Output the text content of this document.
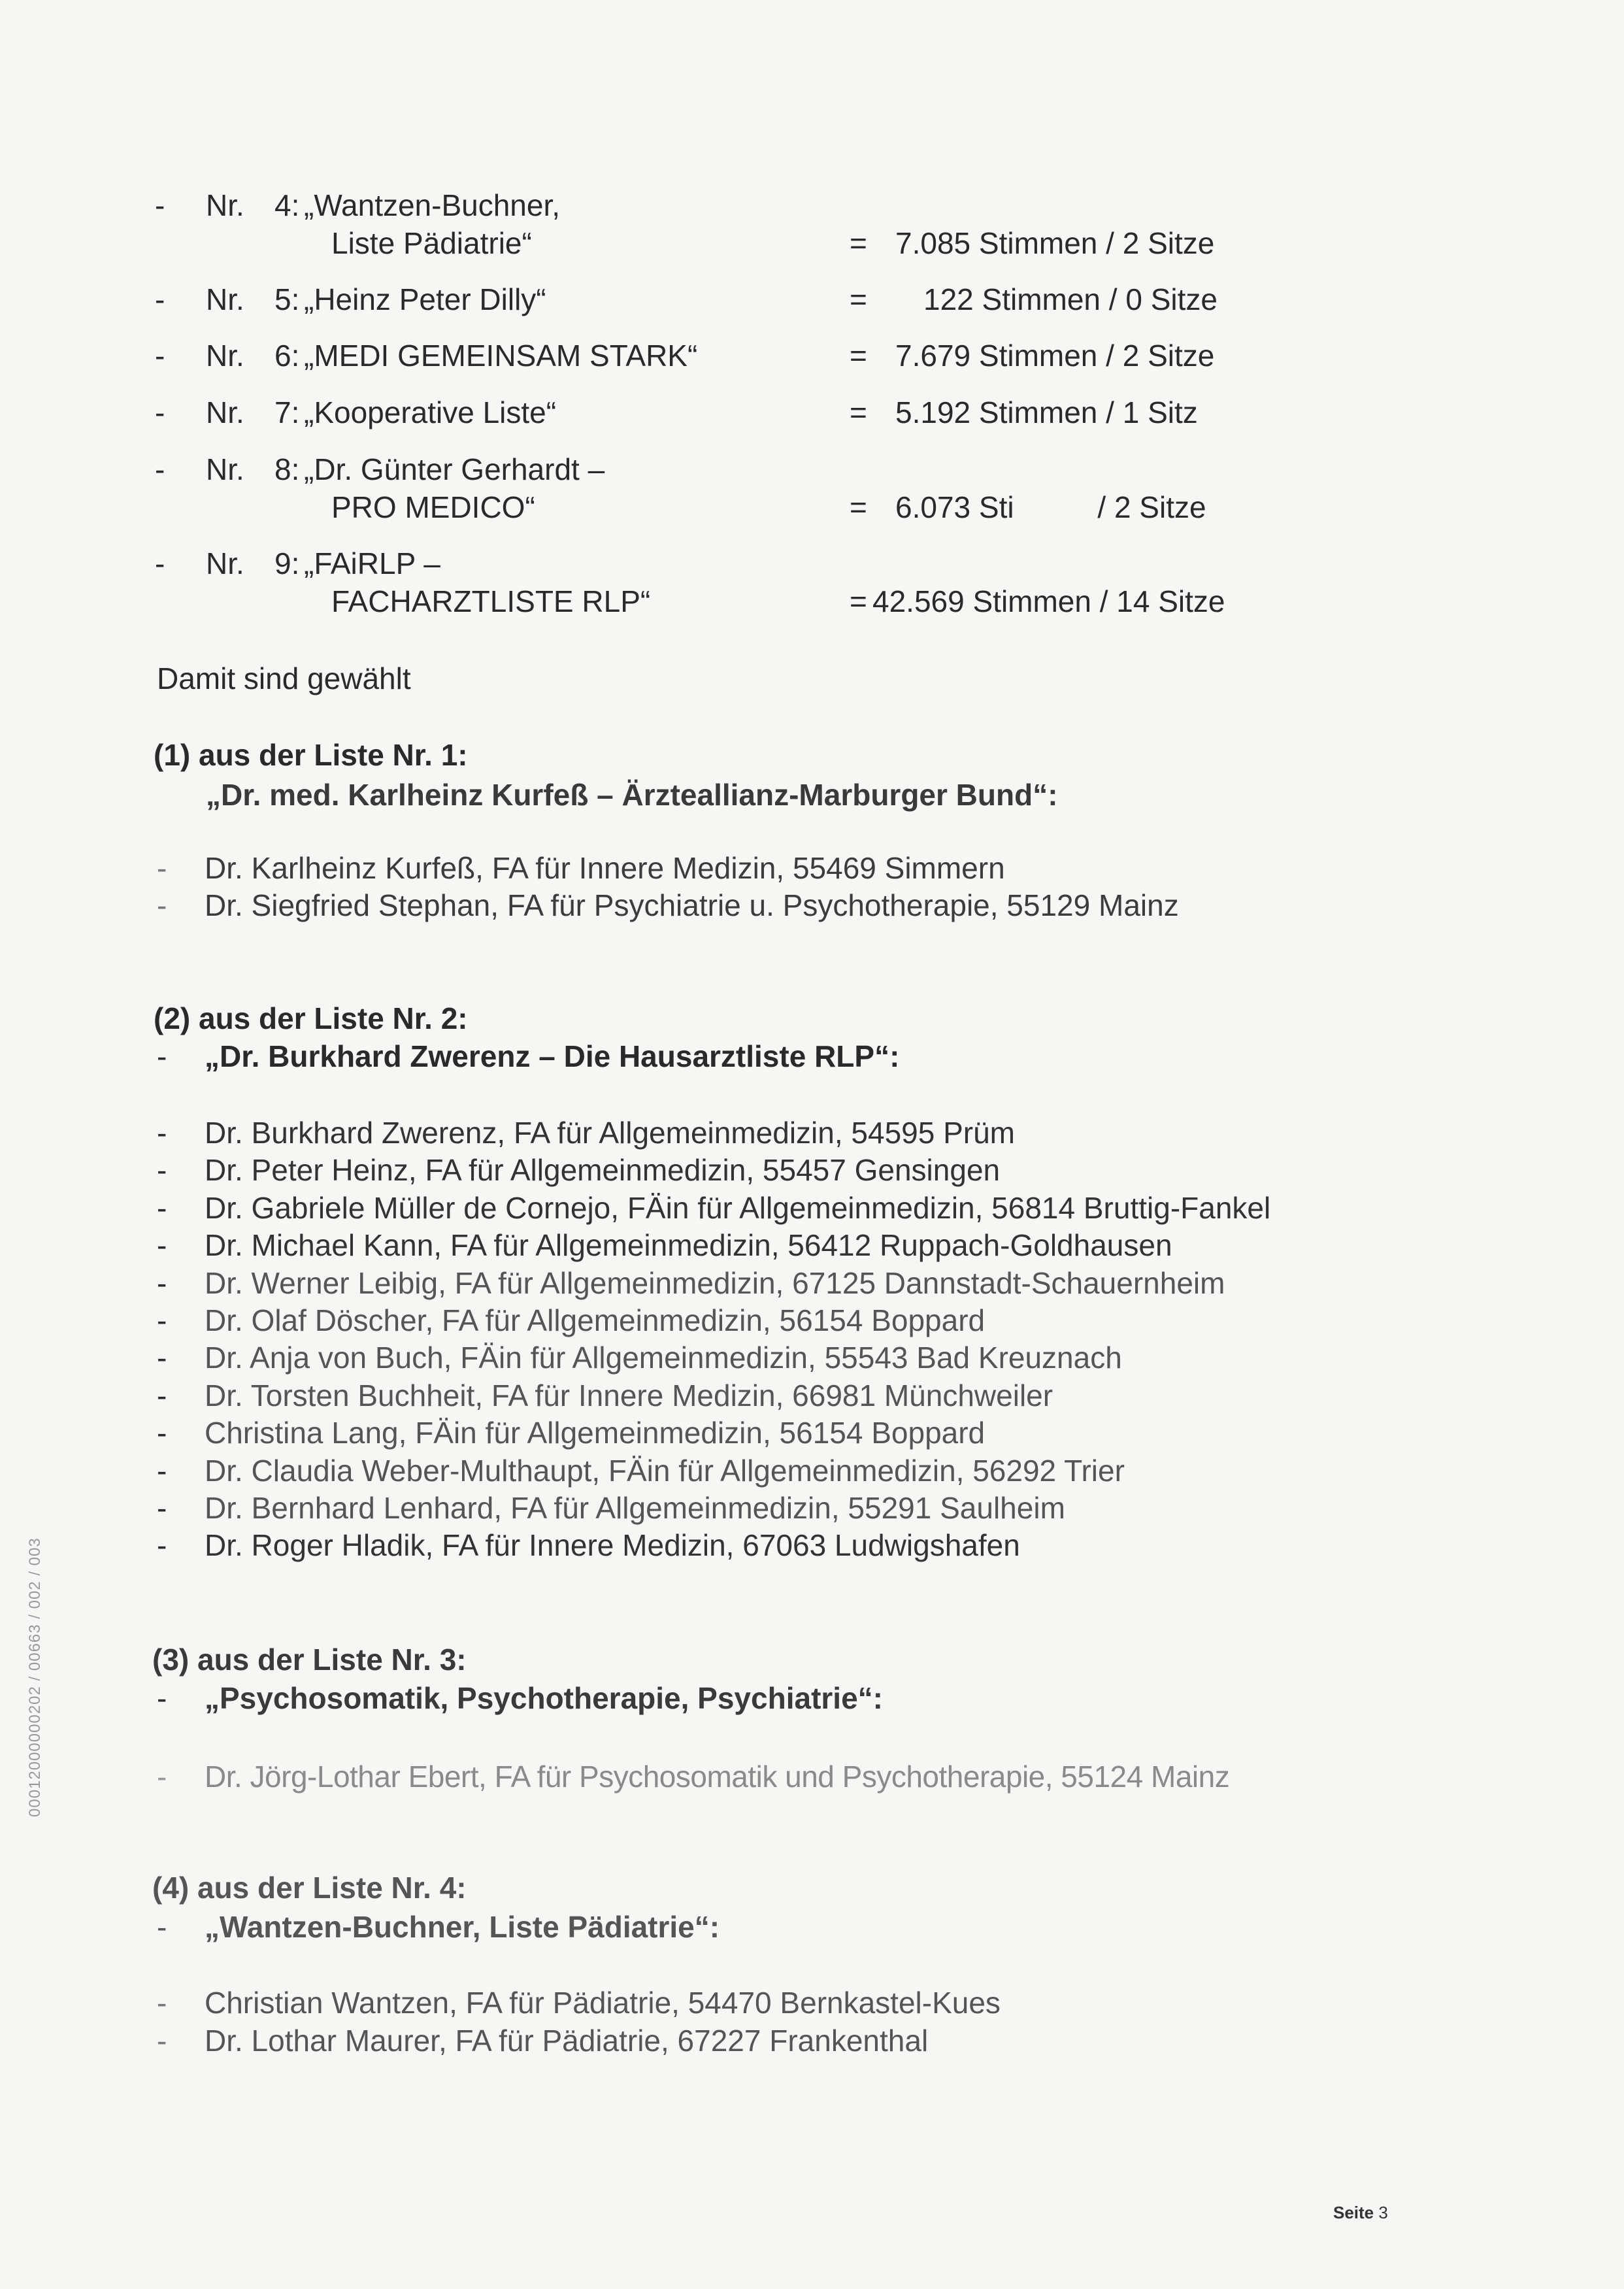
- Nr. 4: „Wantzen-Buchner,
Liste Pädiatrie“	= 7.085 Stimmen / 2 Sitze
- Nr. 5: „Heinz Peter Dilly“	= 122 Stimmen / 0 Sitze
- Nr. 6: „MEDI GEMEINSAM STARK“	= 7.679 Stimmen / 2 Sitze
- Nr. 7: „Kooperative Liste“	= 5.192 Stimmen / 1 Sitz
- Nr. 8: „Dr. Günter Gerhardt –
PRO MEDICO“	= 6.073 Sti          / 2 Sitze
- Nr. 9: „FAiRLP –
FACHARZTLISTE RLP“	= 42.569 Stimmen / 14 Sitze
Damit sind gewählt
(1) aus der Liste Nr. 1:
„Dr. med. Karlheinz Kurfeß – Ärzteallianz-Marburger Bund“:
- Dr. Karlheinz Kurfeß, FA für Innere Medizin, 55469 Simmern
- Dr. Siegfried Stephan, FA für Psychiatrie u. Psychotherapie, 55129 Mainz
(2) aus der Liste Nr. 2:
- „Dr. Burkhard Zwerenz – Die Hausarztliste RLP“:
- Dr. Burkhard Zwerenz, FA für Allgemeinmedizin, 54595 Prüm
- Dr. Peter Heinz, FA für Allgemeinmedizin, 55457 Gensingen
- Dr. Gabriele Müller de Cornejo, FÄin für Allgemeinmedizin, 56814 Bruttig-Fankel
- Dr. Michael Kann, FA für Allgemeinmedizin, 56412 Ruppach-Goldhausen
- Dr. Werner Leibig, FA für Allgemeinmedizin, 67125 Dannstadt-Schauernheim
- Dr. Olaf Döscher, FA für Allgemeinmedizin, 56154 Boppard
- Dr. Anja von Buch, FÄin für Allgemeinmedizin, 55543 Bad Kreuznach
- Dr. Torsten Buchheit, FA für Innere Medizin, 66981 Münchweiler
- Christina Lang, FÄin für Allgemeinmedizin, 56154 Boppard
- Dr. Claudia Weber-Multhaupt, FÄin für Allgemeinmedizin, 56292 Trier
- Dr. Bernhard Lenhard, FA für Allgemeinmedizin, 55291 Saulheim
- Dr. Roger Hladik, FA für Innere Medizin, 67063 Ludwigshafen
(3) aus der Liste Nr. 3:
- „Psychosomatik, Psychotherapie, Psychiatrie“:
- Dr. Jörg-Lothar Ebert, FA für Psychosomatik und Psychotherapie, 55124 Mainz
(4) aus der Liste Nr. 4:
- „Wantzen-Buchner, Liste Pädiatrie“:
- Christian Wantzen, FA für Pädiatrie, 54470 Bernkastel-Kues
- Dr. Lothar Maurer, FA für Pädiatrie, 67227 Frankenthal
00012000000202 / 00663 / 002 / 003
Seite 3
